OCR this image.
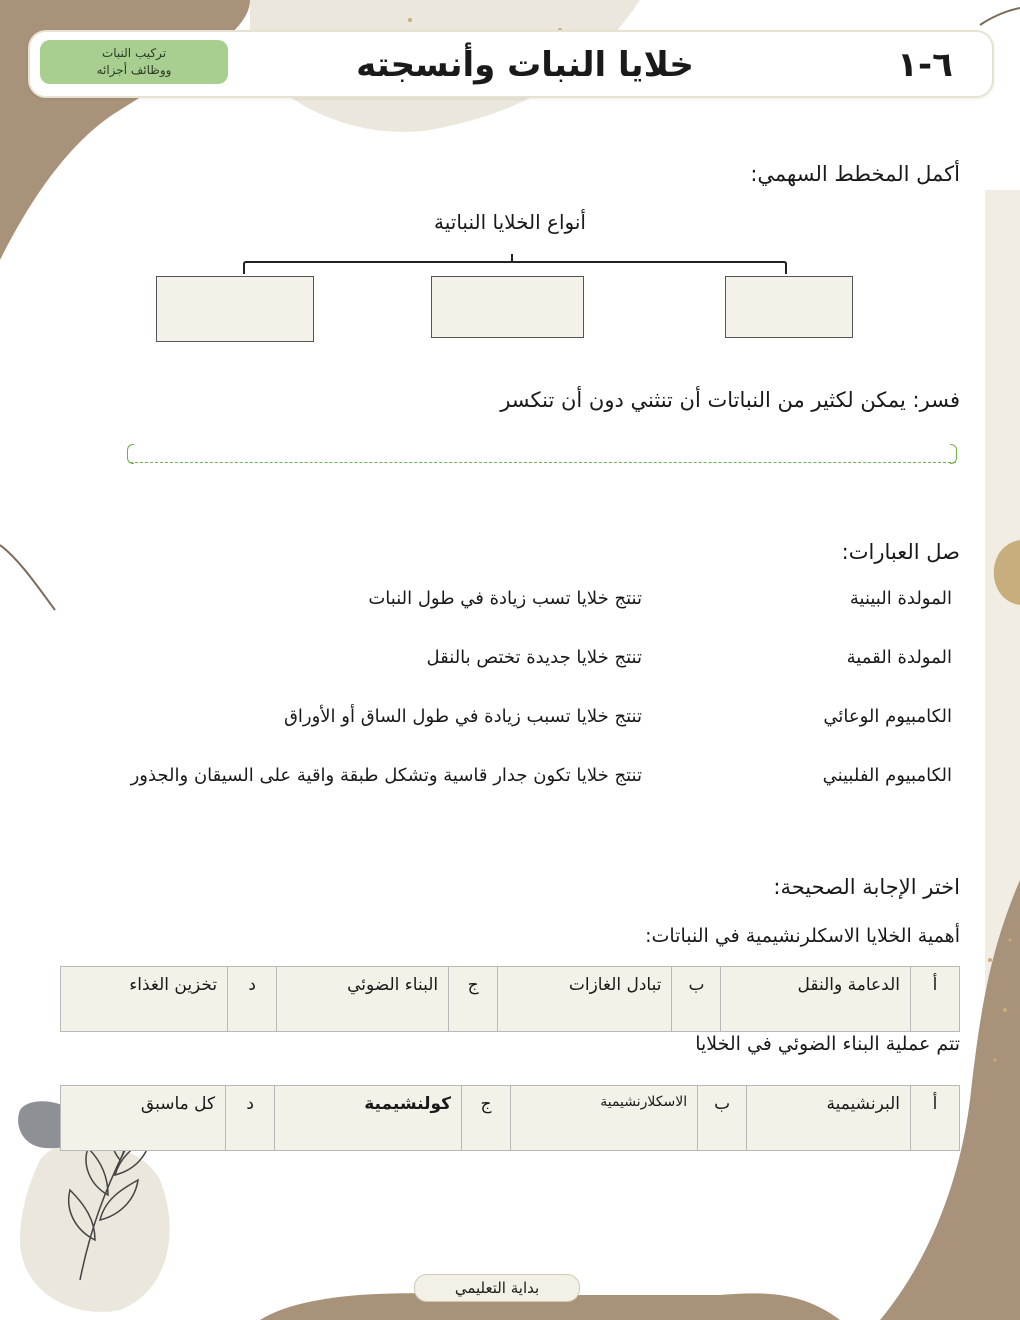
تركيب النبات
ووظائف أجزائه	خلايا النبات وأنسجته	٦-١
أكمل المخطط السهمي:
أنواع الخلايا النباتية
فسر: يمكن لكثير من النباتات أن تنثني دون أن تنكسر
صل العبارات:
المولدة البينية
تنتج خلايا تسب زيادة في طول النبات
المولدة القمية
تنتج خلايا جديدة تختص بالنقل
الكامبيوم الوعائي
تنتج خلايا تسبب زيادة في طول الساق أو الأوراق
الكامبيوم الفلبيني
تنتج خلايا تكون جدار قاسية وتشكل طبقة واقية على السيقان والجذور
اختر الإجابة الصحيحة:
أهمية الخلايا الاسكلرنشيمية في النباتات:
أ	الدعامة والنقل	ب	تبادل الغازات	ج	البناء الضوئي	د	تخزين الغذاء
تتم عملية البناء الضوئي في الخلايا
أ	البرنشيمية	ب	الاسكلارنشيمية	ج	كولنشيمية	د	كل ماسبق
بداية التعليمي
